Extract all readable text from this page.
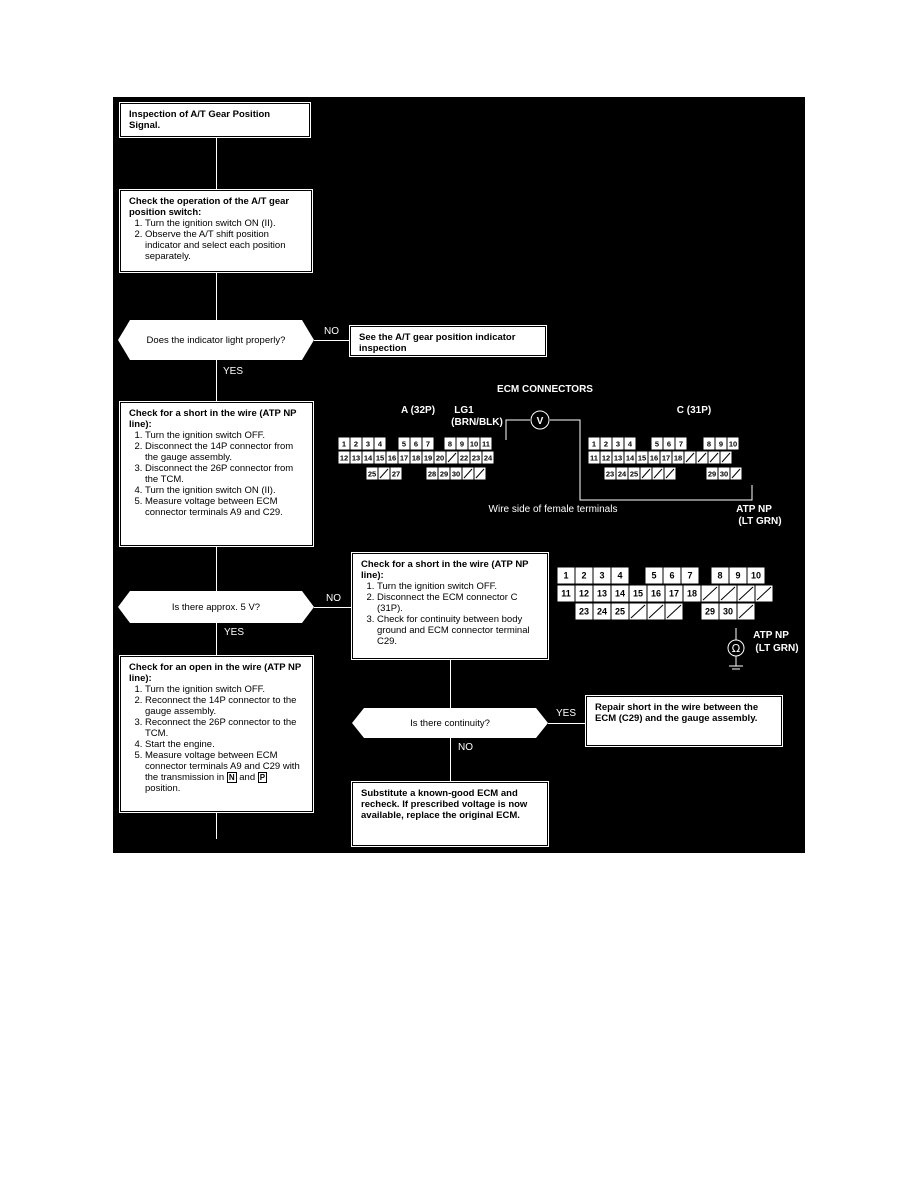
Inspection of A/T Gear Position Signal.
Check the operation of the A/T gear position switch:
1. Turn the ignition switch ON (II).
2. Observe the A/T shift position indicator and select each position separately.
Does the indicator light properly?
NO
See the A/T gear position indicator inspection
YES
Check for a short in the wire (ATP NP line):
1. Turn the ignition switch OFF.
2. Disconnect the 14P connector from the gauge assembly.
3. Disconnect the 26P connector from the TCM.
4. Turn the ignition switch ON (II).
5. Measure voltage between ECM connector terminals A9 and C29.
Is there approx. 5 V?
NO
YES
Check for a short in the wire (ATP NP line):
1. Turn the ignition switch OFF.
2. Disconnect the ECM connector C (31P).
3. Check for continuity between body ground and ECM connector terminal C29.
Check for an open in the wire (ATP NP line):
1. Turn the ignition switch OFF.
2. Reconnect the 14P connector to the gauge assembly.
3. Reconnect the 26P connector to the TCM.
4. Start the engine.
5. Measure voltage between ECM connector terminals A9 and C29 with the transmission in N and P position.
Is there continuity?
YES
Repair short in the wire between the ECM (C29) and the gauge assembly.
NO
Substitute a known-good ECM and recheck. If prescribed voltage is now available, replace the original ECM.
ECM CONNECTORS
A (32P) LG1
(BRN/BLK)
C (31P)
Wire side of female terminals	ATP NP
(LT GRN)
ATP NP
(LT GRN)
V
Ω
1 2 3 4	5 6 7 8 9 10 11
12 13 14 15 16 17 18 19 20 22 23 24
25 27	28 29 30
1 2 3 4	5 6 7	8 9 10
11 12 13 14 15 16 17 18
23 24 25	29 30
1 2 3 4	5 6 7	8 9 10
11 12 13 14 15 16 17 18
23 24 25	29 30
continued
